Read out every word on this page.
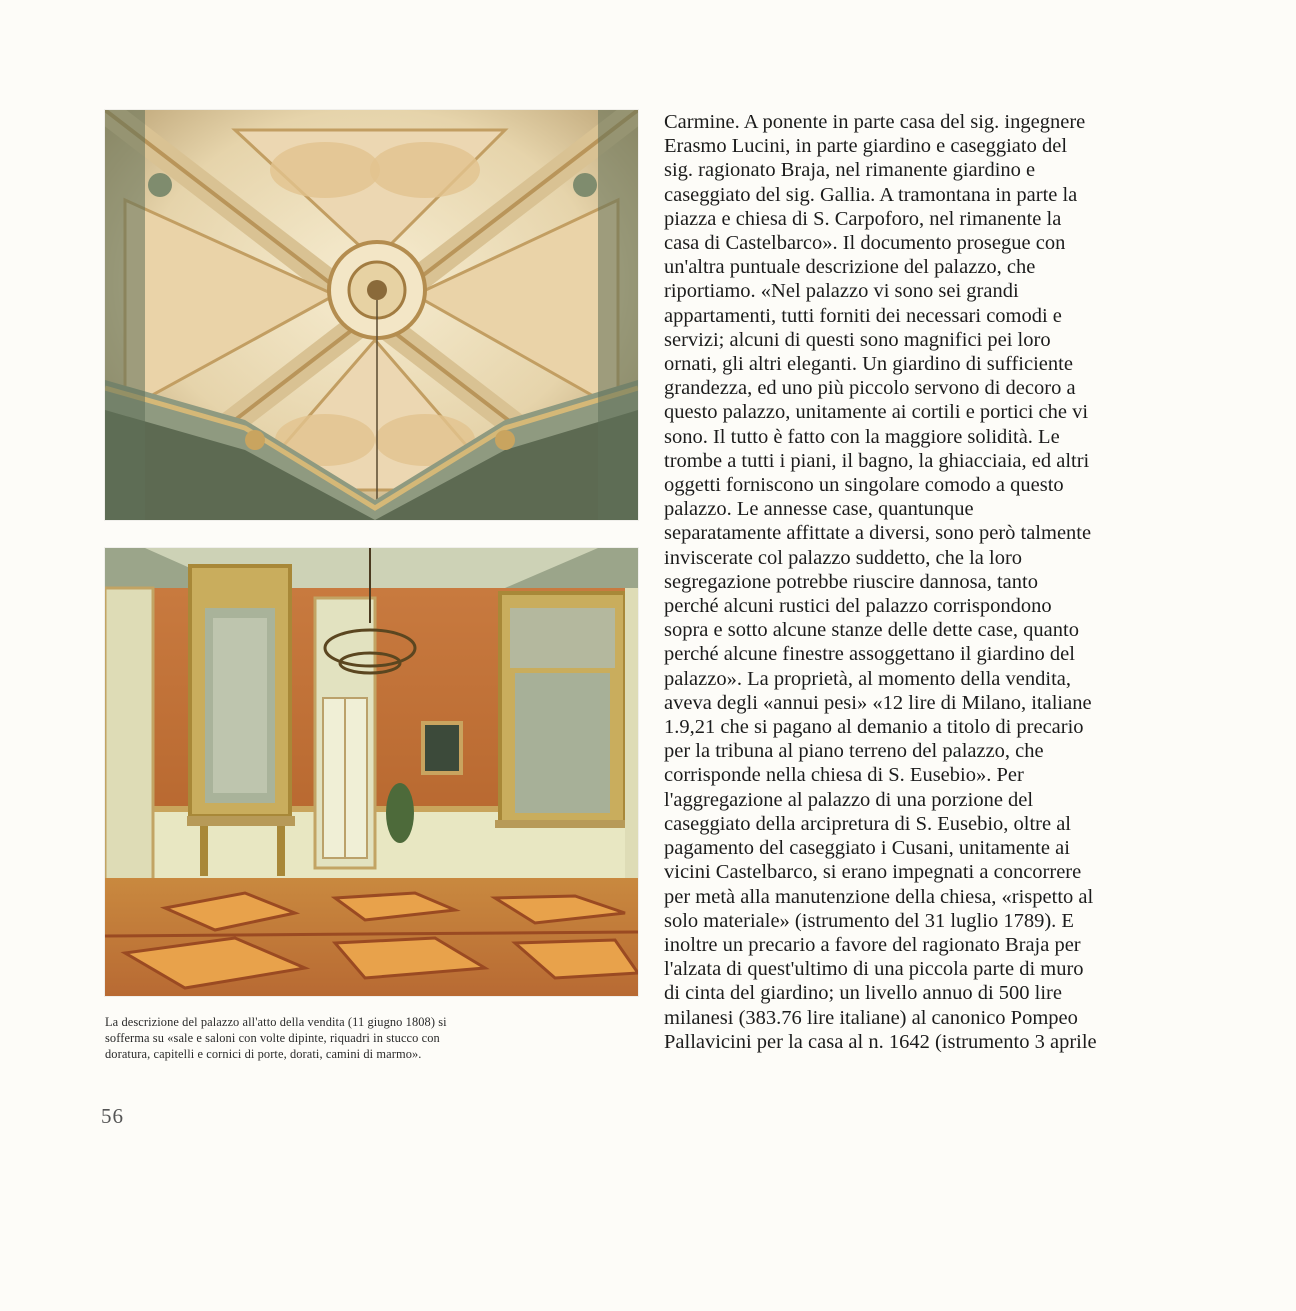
La descrizione del palazzo all'atto della vendita (11 giugno 1808) si
sofferma su «sale e saloni con volte dipinte, riquadri in stucco con
doratura, capitelli e cornici di porte, dorati, camini di marmo».
56
Carmine. A ponente in parte casa del sig. ingegnere
Erasmo Lucini, in parte giardino e caseggiato del
sig. ragionato Braja, nel rimanente giardino e
caseggiato del sig. Gallia. A tramontana in parte la
piazza e chiesa di S. Carpoforo, nel rimanente la
casa di Castelbarco». Il documento prosegue con
un'altra puntuale descrizione del palazzo, che
riportiamo. «Nel palazzo vi sono sei grandi
appartamenti, tutti forniti dei necessari comodi e
servizi; alcuni di questi sono magnifici pei loro
ornati, gli altri eleganti. Un giardino di sufficiente
grandezza, ed uno più piccolo servono di decoro a
questo palazzo, unitamente ai cortili e portici che vi
sono. Il tutto è fatto con la maggiore solidità. Le
trombe a tutti i piani, il bagno, la ghiacciaia, ed altri
oggetti forniscono un singolare comodo a questo
palazzo. Le annesse case, quantunque
separatamente affittate a diversi, sono però talmente
inviscerate col palazzo suddetto, che la loro
segregazione potrebbe riuscire dannosa, tanto
perché alcuni rustici del palazzo corrispondono
sopra e sotto alcune stanze delle dette case, quanto
perché alcune finestre assoggettano il giardino del
palazzo». La proprietà, al momento della vendita,
aveva degli «annui pesi» «12 lire di Milano, italiane
1.9,21 che si pagano al demanio a titolo di precario
per la tribuna al piano terreno del palazzo, che
corrisponde nella chiesa di S. Eusebio». Per
l'aggregazione al palazzo di una porzione del
caseggiato della arcipretura di S. Eusebio, oltre al
pagamento del caseggiato i Cusani, unitamente ai
vicini Castelbarco, si erano impegnati a concorrere
per metà alla manutenzione della chiesa, «rispetto al
solo materiale» (istrumento del 31 luglio 1789). E
inoltre un precario a favore del ragionato Braja per
l'alzata di quest'ultimo di una piccola parte di muro
di cinta del giardino; un livello annuo di 500 lire
milanesi (383.76 lire italiane) al canonico Pompeo
Pallavicini per la casa al n. 1642 (istrumento 3 aprile
